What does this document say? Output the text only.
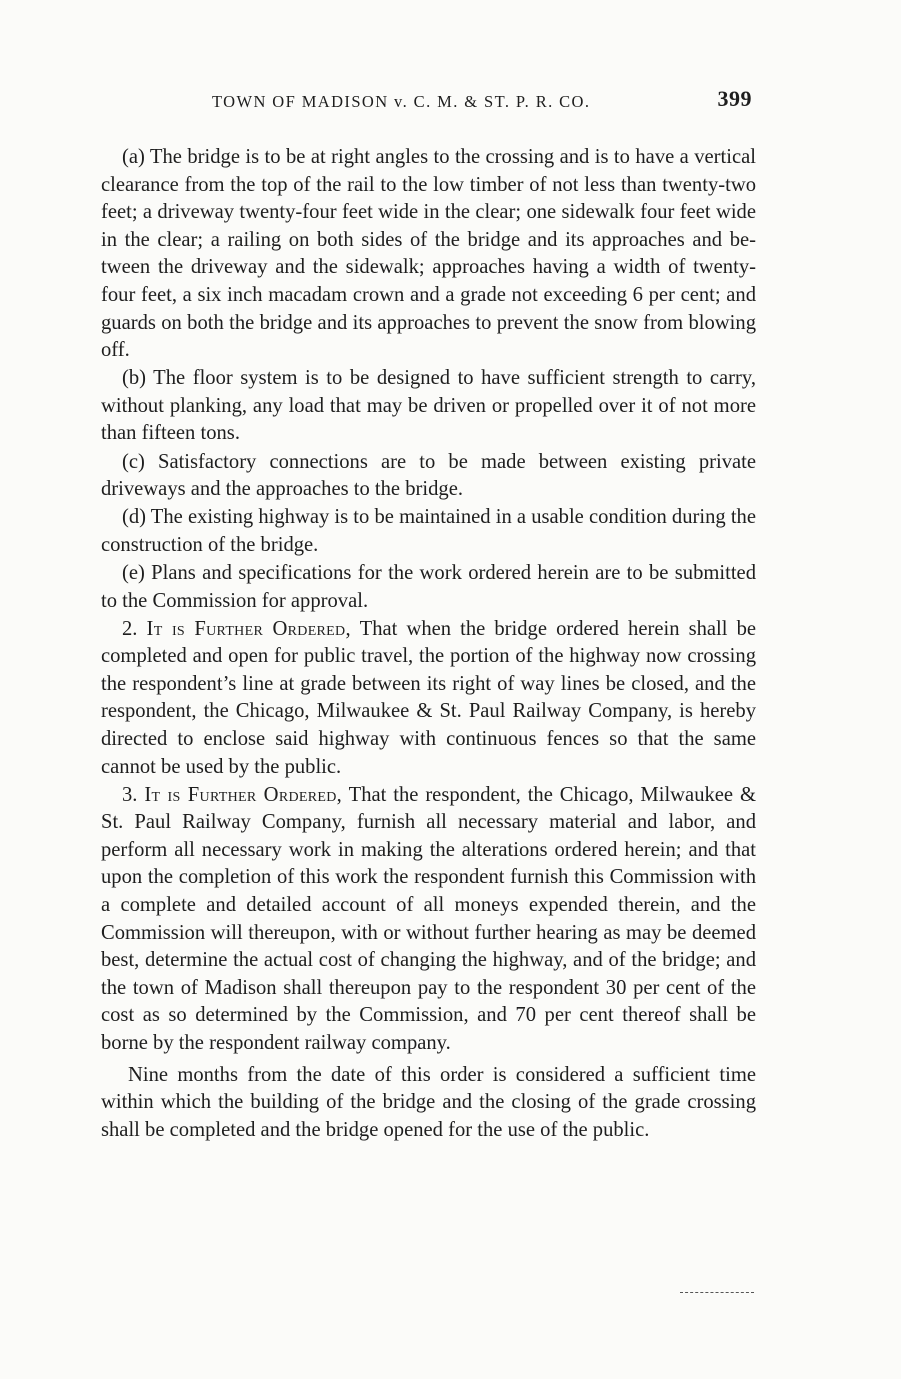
TOWN OF MADISON v. C. M. & ST. P. R. CO.	399

(a) The bridge is to be at right angles to the crossing and is to have a vertical clearance from the top of the rail to the low timber of not less than twenty-two feet; a driveway twenty-four feet wide in the clear; one sidewalk four feet wide in the clear; a railing on both sides of the bridge and its approaches and between the driveway and the sidewalk; approaches having a width of twenty-four feet, a six inch macadam crown and a grade not exceeding 6 per cent; and guards on both the bridge and its approaches to prevent the snow from blowing off.

(b) The floor system is to be designed to have sufficient strength to carry, without planking, any load that may be driven or propelled over it of not more than fifteen tons.

(c) Satisfactory connections are to be made between existing private driveways and the approaches to the bridge.

(d) The existing highway is to be maintained in a usable condition during the construction of the bridge.

(e) Plans and specifications for the work ordered herein are to be submitted to the Commission for approval.

2. It is Further Ordered, That when the bridge ordered herein shall be completed and open for public travel, the portion of the highway now crossing the respondent’s line at grade between its right of way lines be closed, and the respondent, the Chicago, Milwaukee & St. Paul Railway Company, is hereby directed to enclose said highway with continuous fences so that the same cannot be used by the public.

3. It is Further Ordered, That the respondent, the Chicago, Milwaukee & St. Paul Railway Company, furnish all necessary material and labor, and perform all necessary work in making the alterations ordered herein; and that upon the completion of this work the respondent furnish this Commission with a complete and detailed account of all moneys expended therein, and the Commission will thereupon, with or without further hearing as may be deemed best, determine the actual cost of changing the highway, and of the bridge; and the town of Madison shall thereupon pay to the respondent 30 per cent of the cost as so determined by the Commission, and 70 per cent thereof shall be borne by the respondent railway company.

Nine months from the date of this order is considered a sufficient time within which the building of the bridge and the closing of the grade crossing shall be completed and the bridge opened for the use of the public.
